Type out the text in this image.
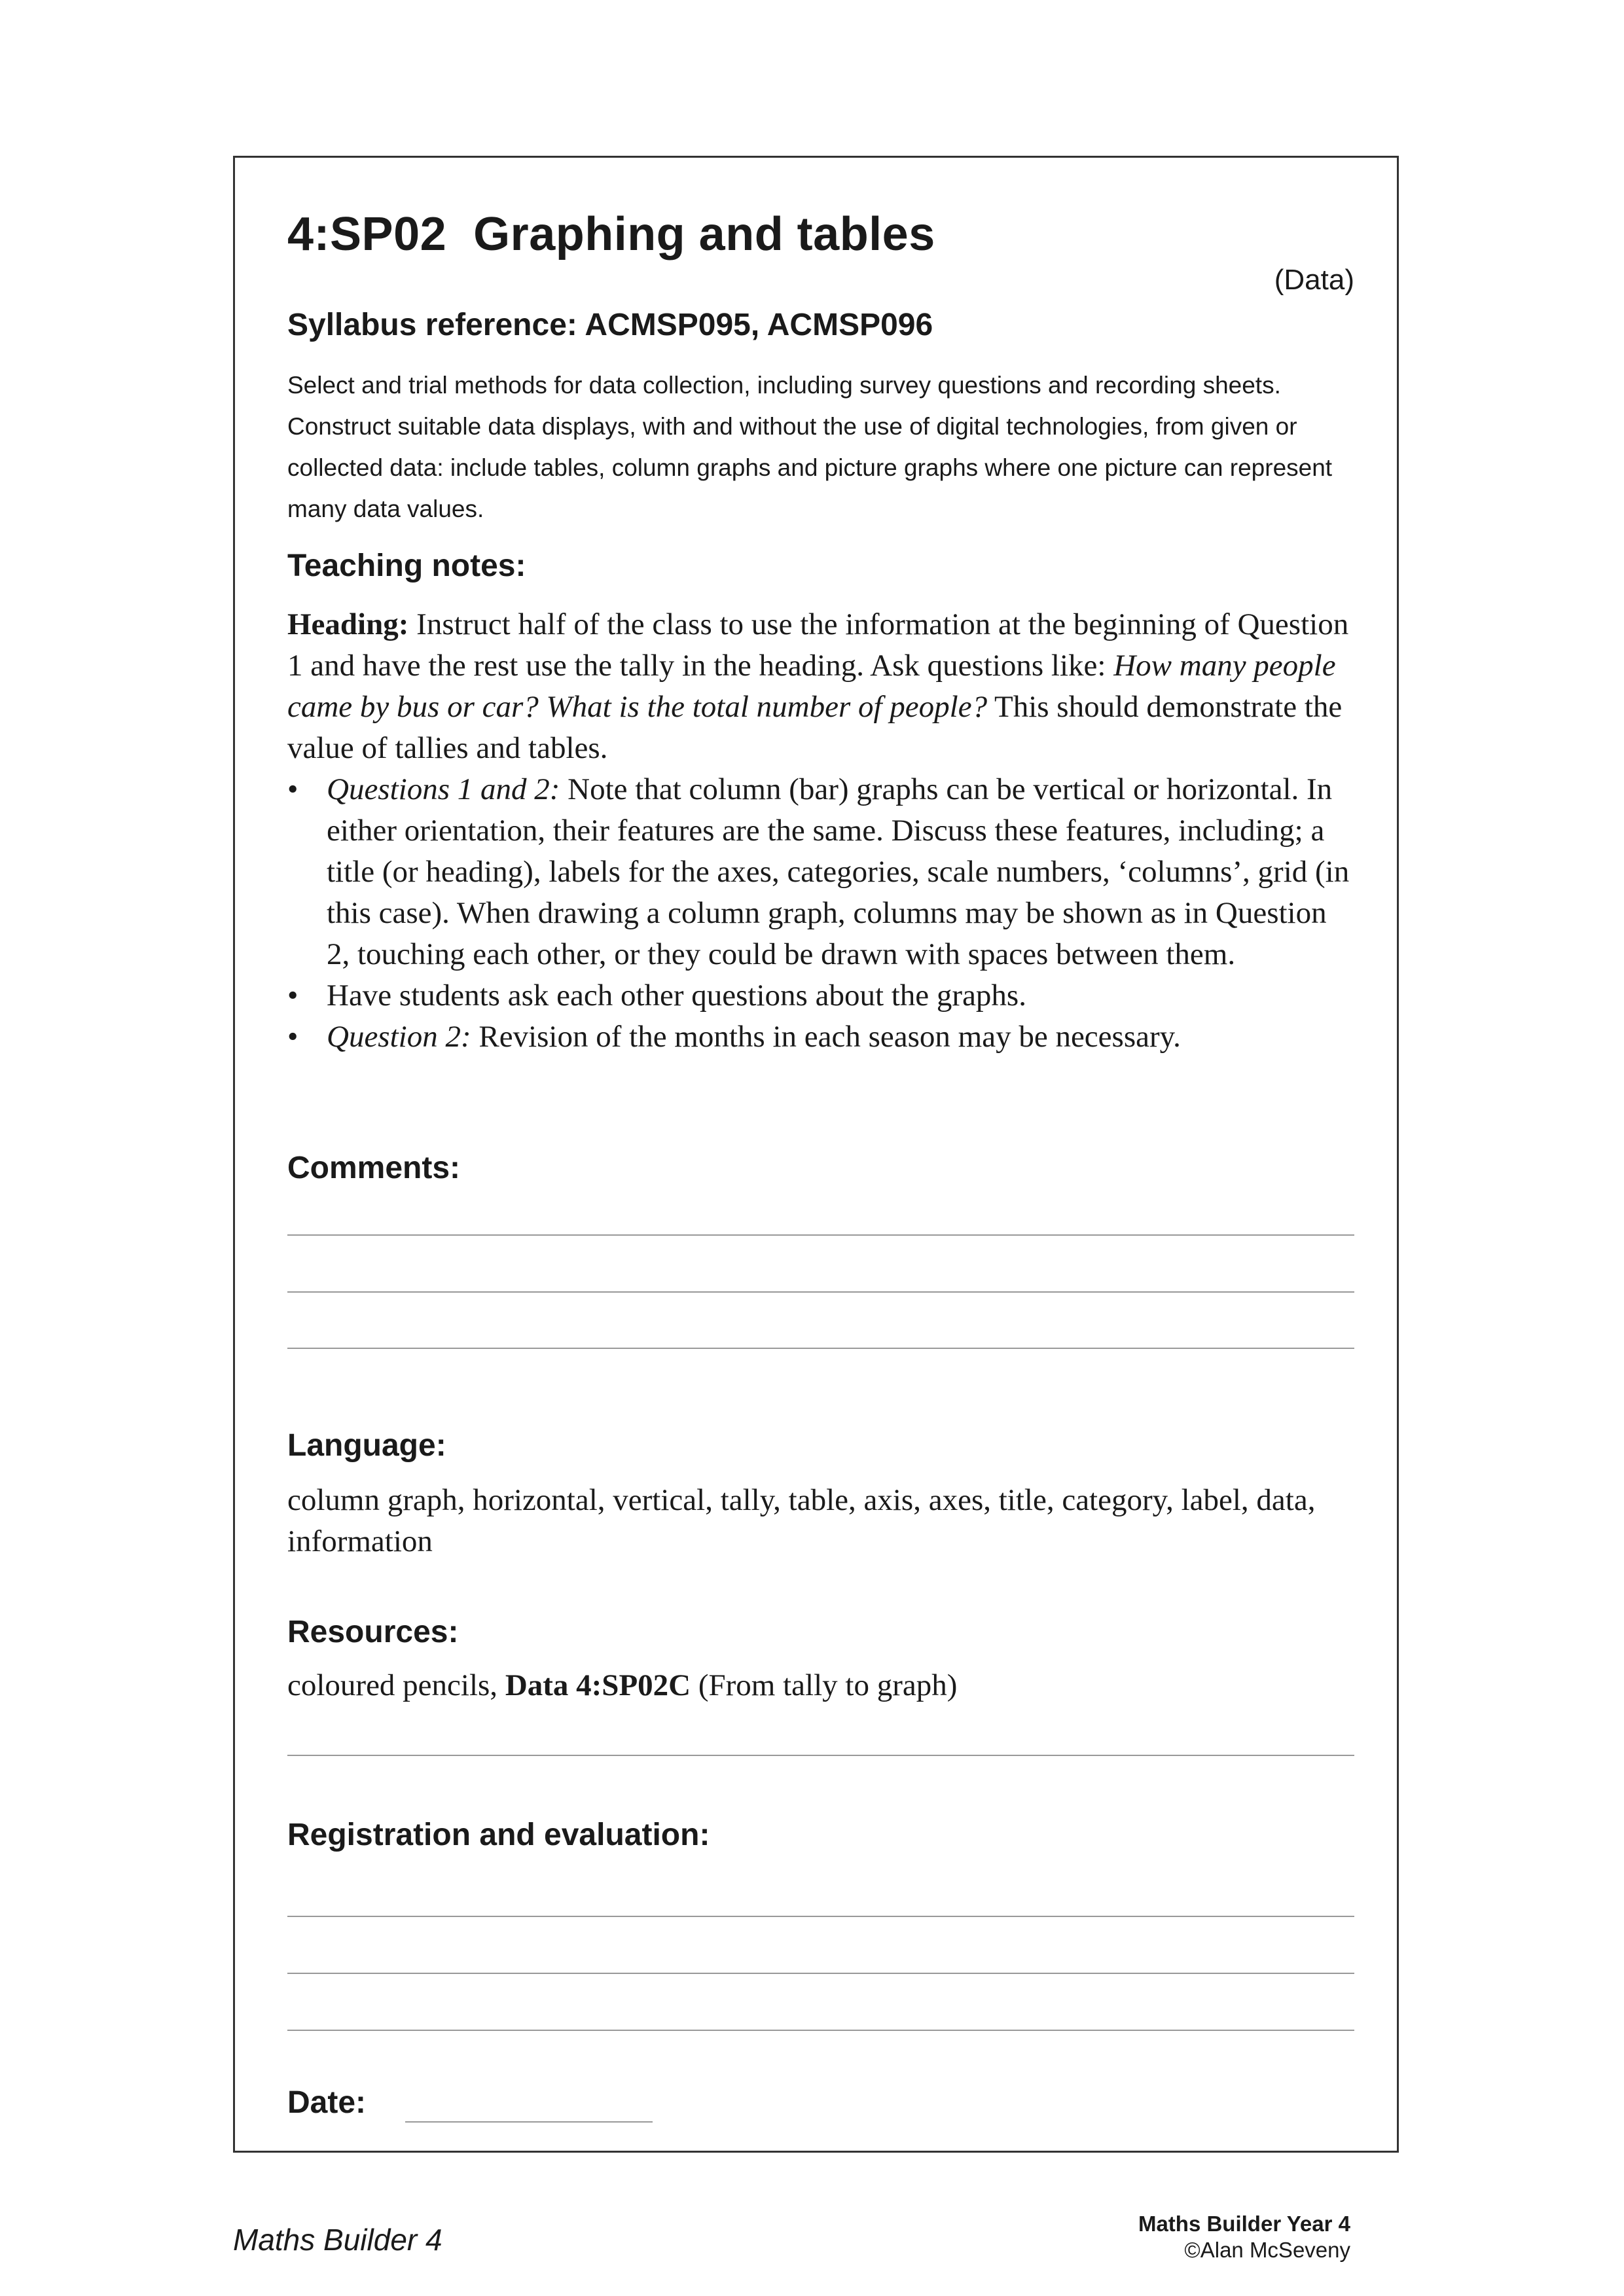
4:SP02 Graphing and tables
(Data)
Syllabus reference: ACMSP095, ACMSP096

Select and trial methods for data collection, including survey questions and recording sheets. Construct suitable data displays, with and without the use of digital technologies, from given or collected data: include tables, column graphs and picture graphs where one picture can represent many data values.

Teaching notes:

Heading: Instruct half of the class to use the information at the beginning of Question 1 and have the rest use the tally in the heading. Ask questions like: How many people came by bus or car? What is the total number of people? This should demonstrate the value of tallies and tables.

• Questions 1 and 2: Note that column (bar) graphs can be vertical or horizontal. In either orientation, their features are the same. Discuss these features, including; a title (or heading), labels for the axes, categories, scale numbers, ‘columns’, grid (in this case). When drawing a column graph, columns may be shown as in Question 2, touching each other, or they could be drawn with spaces between them.
• Have students ask each other questions about the graphs.
• Question 2: Revision of the months in each season may be necessary.
Comments:
Language:

column graph, horizontal, vertical, tally, table, axis, axes, title, category, label, data, information

Resources:

coloured pencils, Data 4:SP02C (From tally to graph)

Registration and evaluation:
Date:
Maths Builder 4	Maths Builder Year 4
©Alan McSeveny
